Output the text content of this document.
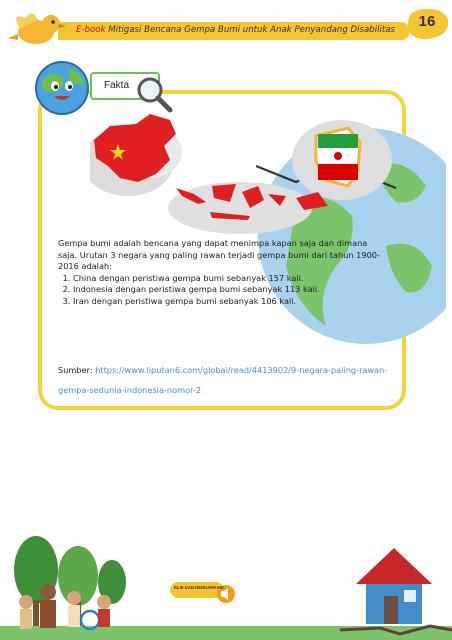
E-book Mitigasi Bencana Gempa Bumi untuk Anak Penyandang Disabilitas	16
Fakta

Gempa bumi adalah bencana yang dapat menimpa kapan saja dan dimana saja. Urutan 3 negara yang paling rawan terjadi gempa bumi dari tahun 1900-2016 adalah:

1. China dengan peristiwa gempa bumi sebanyak 157 kali.
2. Indonesia dengan peristiwa gempa bumi sebanyak 113 kali.
3. Iran dengan peristiwa gempa bumi sebanyak 106 kali.
Sumber: https://www.liputan6.com/global/read/4413902/9-negara-paling-rawan-gempa-sedunia-indonesia-nomor-2
KLIK DAN DENGARKAN!
